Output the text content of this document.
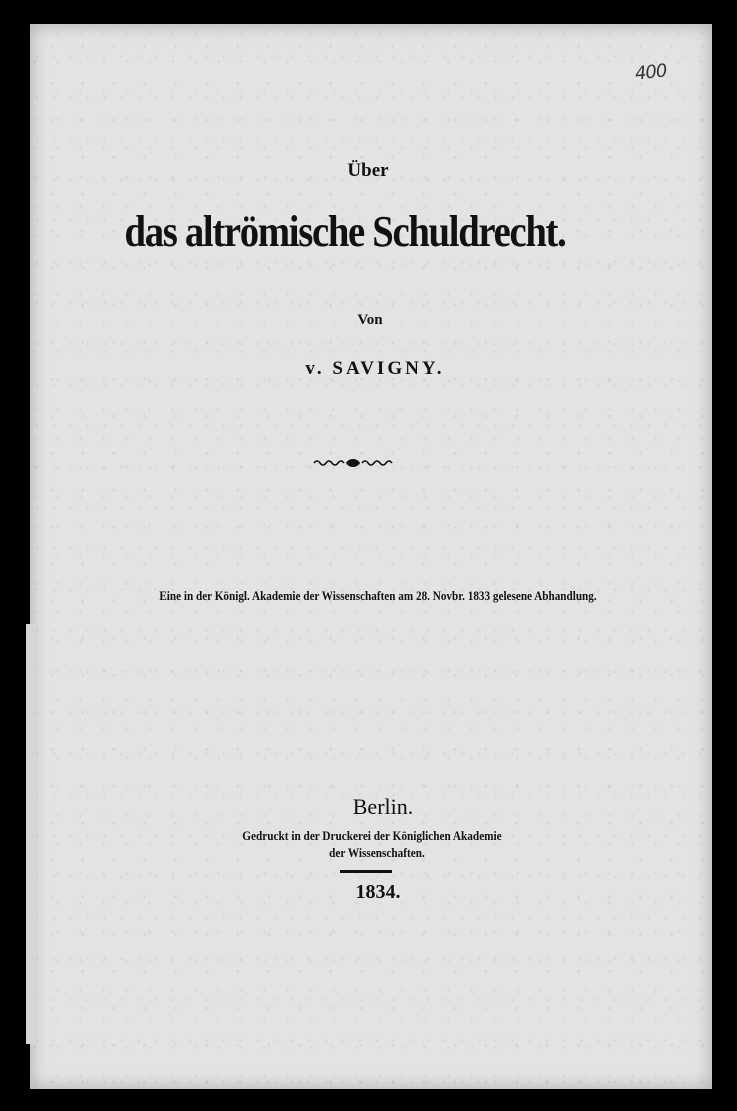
400

Über

das altrömische Schuldrecht.

Von

v. SAVIGNY.

Eine in der Königl. Akademie der Wissenschaften am 28. Novbr. 1833 gelesene Abhandlung.

Berlin.

Gedruckt in der Druckerei der Königlichen Akademie

der Wissenschaften.

1834.
